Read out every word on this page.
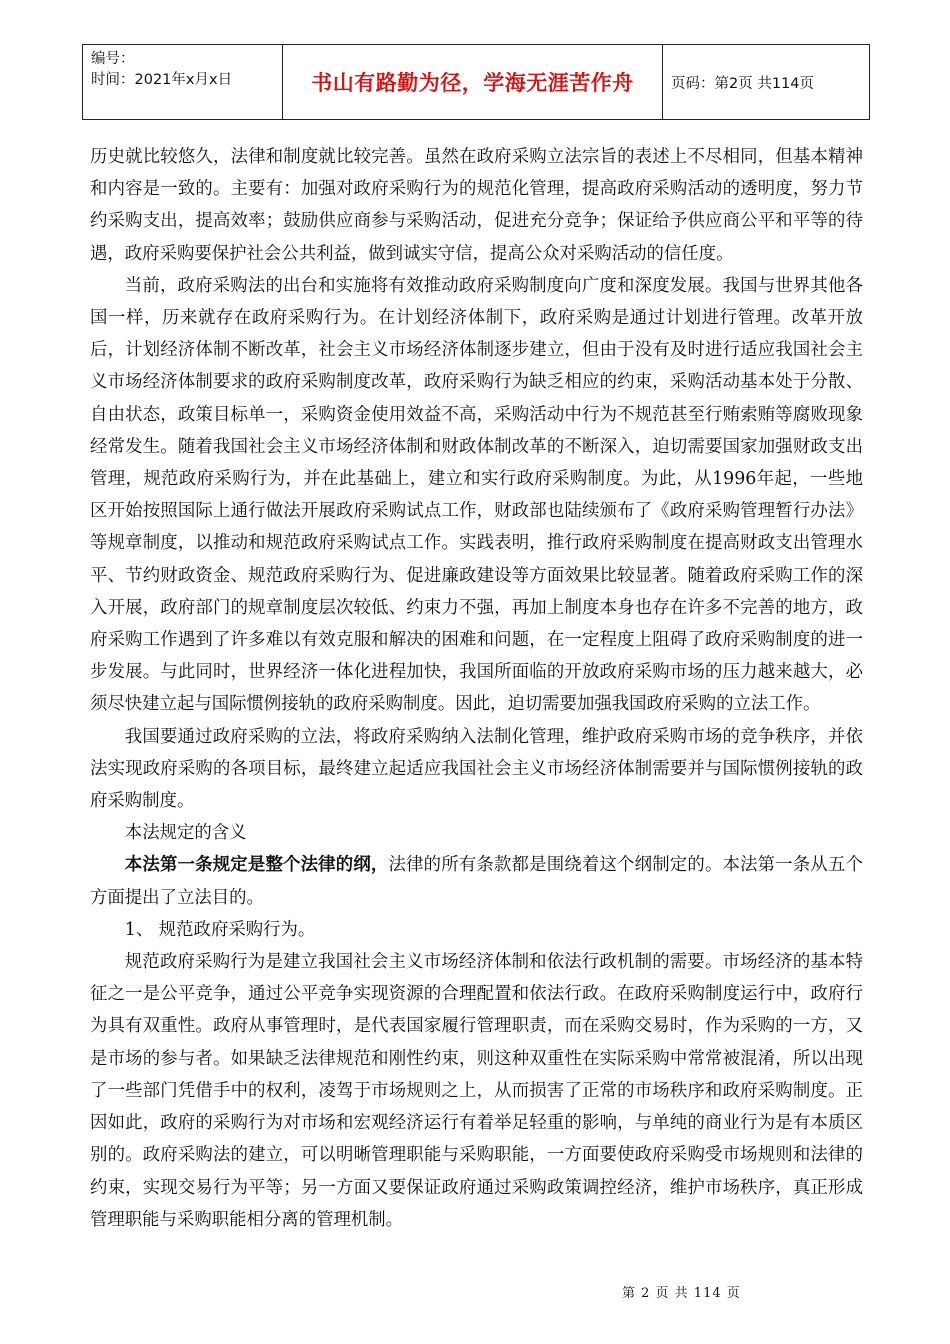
编号：
时间：2021年x月x日	书山有路勤为径，学海无涯苦作舟	页码：第2页 共114页

历史就比较悠久，法律和制度就比较完善。虽然在政府采购立法宗旨的表述上不尽相同，但基本精神和内容是一致的。主要有：加强对政府采购行为的规范化管理，提高政府采购活动的透明度，努力节约采购支出，提高效率；鼓励供应商参与采购活动，促进充分竞争；保证给予供应商公平和平等的待遇，政府采购要保护社会公共利益，做到诚实守信，提高公众对采购活动的信任度。

当前，政府采购法的出台和实施将有效推动政府采购制度向广度和深度发展。我国与世界其他各国一样，历来就存在政府采购行为。在计划经济体制下，政府采购是通过计划进行管理。改革开放后，计划经济体制不断改革，社会主义市场经济体制逐步建立，但由于没有及时进行适应我国社会主义市场经济体制要求的政府采购制度改革，政府采购行为缺乏相应的约束，采购活动基本处于分散、自由状态，政策目标单一，采购资金使用效益不高，采购活动中行为不规范甚至行贿索贿等腐败现象经常发生。随着我国社会主义市场经济体制和财政体制改革的不断深入，迫切需要国家加强财政支出管理，规范政府采购行为，并在此基础上，建立和实行政府采购制度。为此，从1996年起，一些地区开始按照国际上通行做法开展政府采购试点工作，财政部也陆续颁布了《政府采购管理暂行办法》等规章制度，以推动和规范政府采购试点工作。实践表明，推行政府采购制度在提高财政支出管理水平、节约财政资金、规范政府采购行为、促进廉政建设等方面效果比较显著。随着政府采购工作的深入开展，政府部门的规章制度层次较低、约束力不强，再加上制度本身也存在许多不完善的地方，政府采购工作遇到了许多难以有效克服和解决的困难和问题，在一定程度上阻碍了政府采购制度的进一步发展。与此同时，世界经济一体化进程加快，我国所面临的开放政府采购市场的压力越来越大，必须尽快建立起与国际惯例接轨的政府采购制度。因此，迫切需要加强我国政府采购的立法工作。

我国要通过政府采购的立法，将政府采购纳入法制化管理，维护政府采购市场的竞争秩序，并依法实现政府采购的各项目标，最终建立起适应我国社会主义市场经济体制需要并与国际惯例接轨的政府采购制度。

本法规定的含义

本法第一条规定是整个法律的纲，法律的所有条款都是围绕着这个纲制定的。本法第一条从五个方面提出了立法目的。

1、 规范政府采购行为。

规范政府采购行为是建立我国社会主义市场经济体制和依法行政机制的需要。市场经济的基本特征之一是公平竞争，通过公平竞争实现资源的合理配置和依法行政。在政府采购制度运行中，政府行为具有双重性。政府从事管理时，是代表国家履行管理职责，而在采购交易时，作为采购的一方，又是市场的参与者。如果缺乏法律规范和刚性约束，则这种双重性在实际采购中常常被混淆，所以出现了一些部门凭借手中的权利，凌驾于市场规则之上，从而损害了正常的市场秩序和政府采购制度。正因如此，政府的采购行为对市场和宏观经济运行有着举足轻重的影响，与单纯的商业行为是有本质区别的。政府采购法的建立，可以明晰管理职能与采购职能，一方面要使政府采购受市场规则和法律的约束，实现交易行为平等；另一方面又要保证政府通过采购政策调控经济，维护市场秩序，真正形成管理职能与采购职能相分离的管理机制。

第 2 页 共 114 页
